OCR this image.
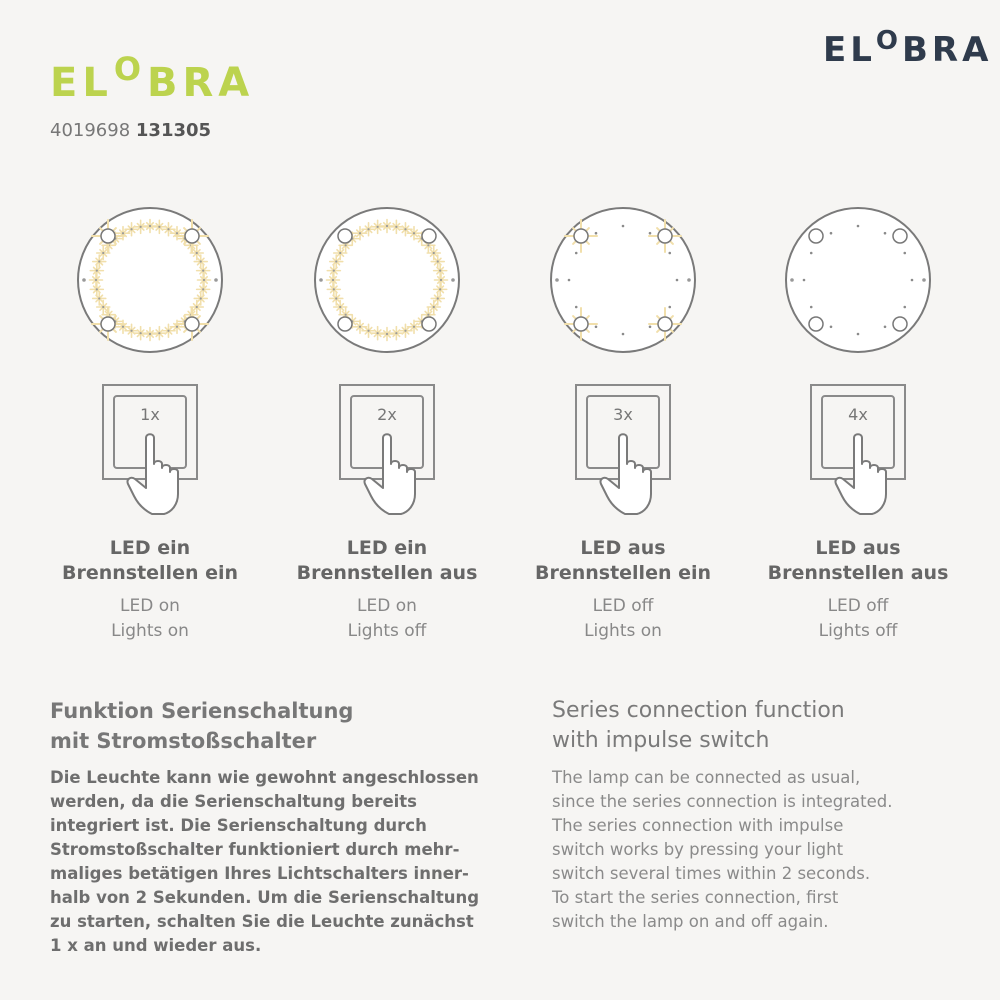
ELOBRA
ELOBRA
4019698 131305
1x
LED ein
Brennstellen ein
LED on
Lights on
2x
LED ein
Brennstellen aus
LED on
Lights off
3x
LED aus
Brennstellen ein
LED off
Lights on
4x
LED aus
Brennstellen aus
LED off
Lights off
Funktion Serienschaltung
mit Stromstoßschalter
Die Leuchte kann wie gewohnt angeschlossen
werden, da die Serienschaltung bereits
integriert ist. Die Serienschaltung durch
Stromstoßschalter funktioniert durch mehr-
maliges betätigen Ihres Lichtschalters inner-
halb von 2 Sekunden. Um die Serienschaltung
zu starten, schalten Sie die Leuchte zunächst
1 x an und wieder aus.
Series connection function
with impulse switch
The lamp can be connected as usual,
since the series connection is integrated.
The series connection with impulse
switch works by pressing your light
switch several times within 2 seconds.
To start the series connection, first
switch the lamp on and off again.
